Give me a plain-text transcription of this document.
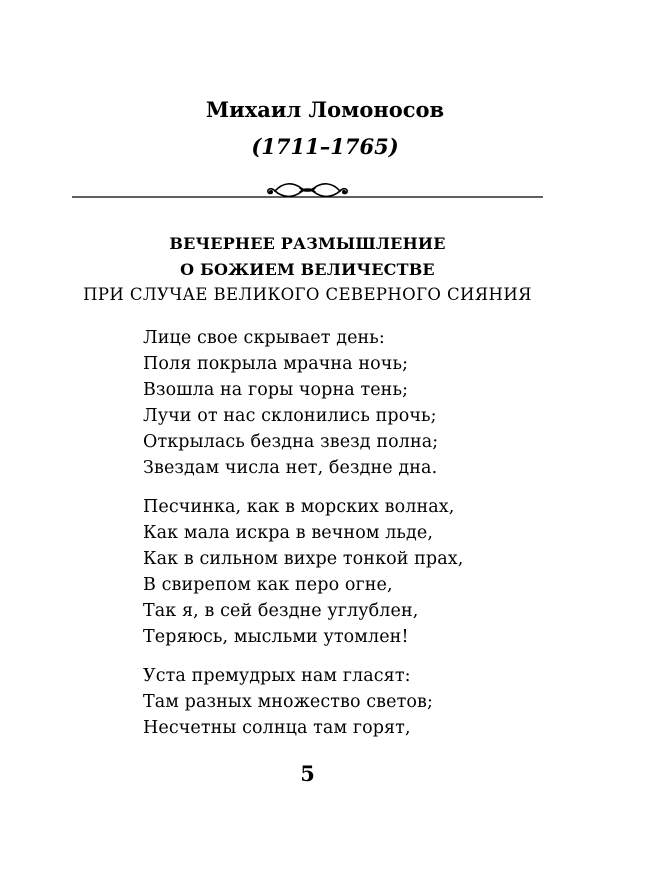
Михаил Ломоносов
(1711–1765)
ВЕЧЕРНЕЕ РАЗМЫШЛЕНИЕ
О БОЖИЕМ ВЕЛИЧЕСТВЕ
ПРИ СЛУЧАЕ ВЕЛИКОГО СЕВЕРНОГО СИЯНИЯ
Лице свое скрывает день:
Поля покрыла мрачна ночь;
Взошла на горы чорна тень;
Лучи от нас склонились прочь;
Открылась бездна звезд полна;
Звездам числа нет, бездне дна.
Песчинка, как в морских волнах,
Как мала искра в вечном льде,
Как в сильном вихре тонкой прах,
В свирепом как перо огне,
Так я, в сей бездне углублен,
Теряюсь, мысльми утомлен!
Уста премудрых нам гласят:
Там разных множество светов;
Несчетны солнца там горят,
5
